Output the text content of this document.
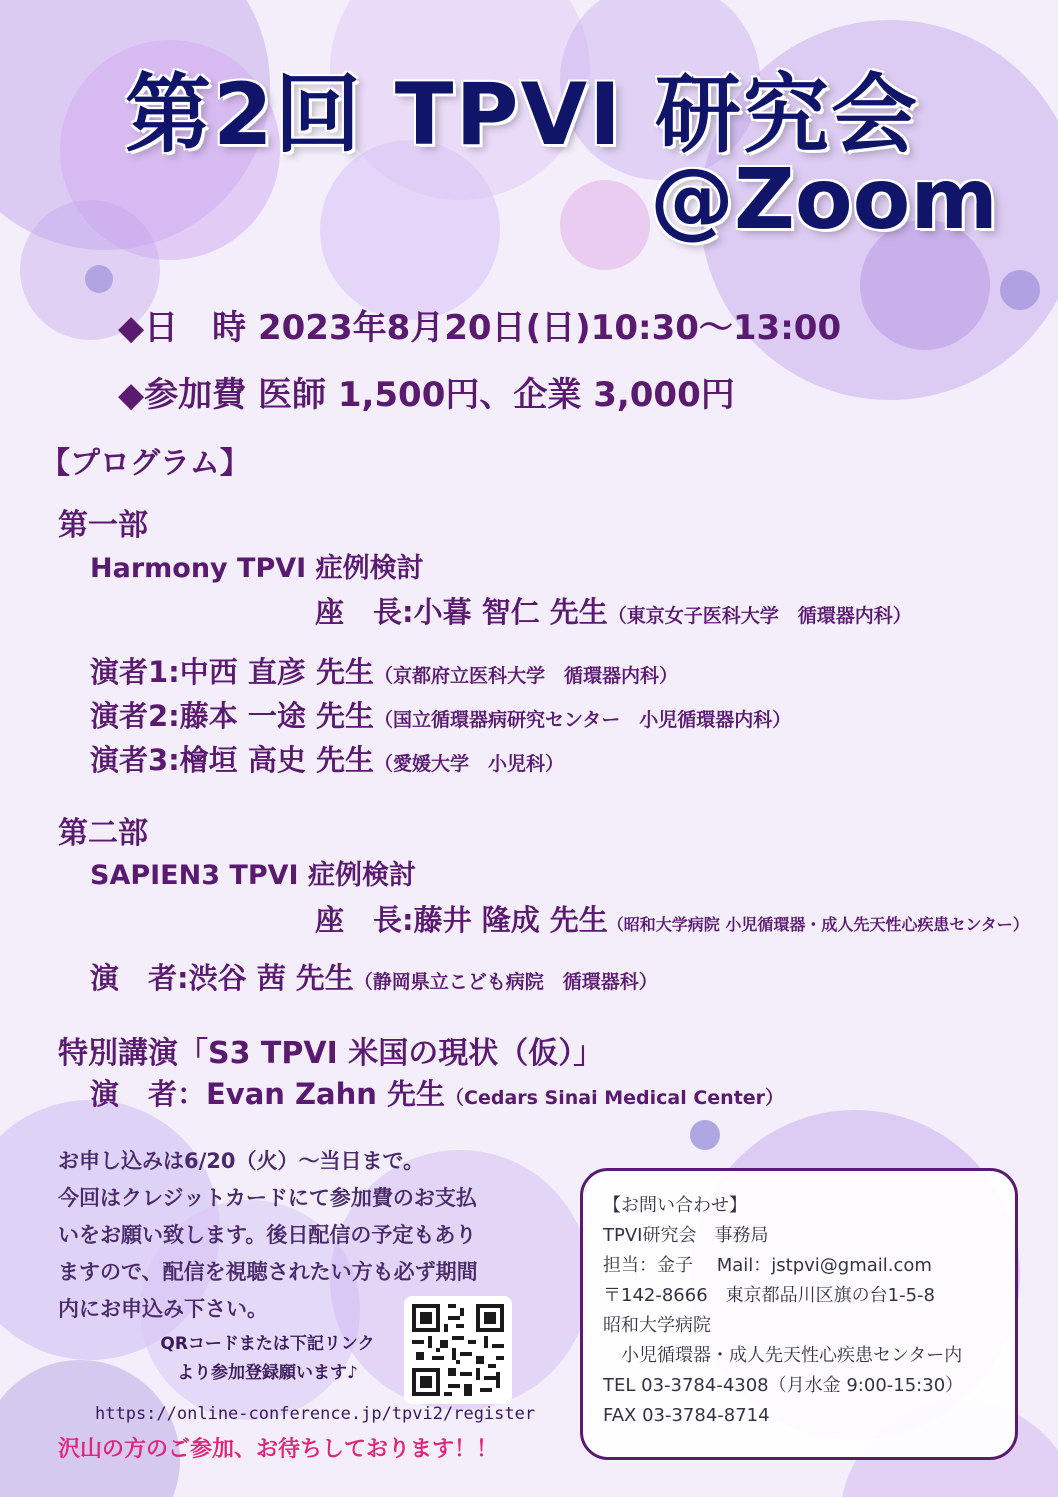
第2回 TPVI 研究会
@Zoom
◆日　時 2023年8月20日(日)10:30〜13:00
◆参加費 医師 1,500円、企業 3,000円
【プログラム】
第一部
Harmony TPVI 症例検討
座　長:小暮 智仁 先生（東京女子医科大学　循環器内科）
演者1:中西 直彦 先生（京都府立医科大学　循環器内科）
演者2:藤本 一途 先生（国立循環器病研究センター　小児循環器内科）
演者3:檜垣 高史 先生（愛媛大学　小児科）
第二部
SAPIEN3 TPVI 症例検討
座　長:藤井 隆成 先生（昭和大学病院 小児循環器・成人先天性心疾患センター）
演　者:渋谷 茜 先生（静岡県立こども病院　循環器科）
特別講演「S3 TPVI 米国の現状（仮）」
演　者：Evan Zahn 先生（Cedars Sinai Medical Center）
お申し込みは6/20（火）〜当日まで。
今回はクレジットカードにて参加費のお支払
いをお願い致します。後日配信の予定もあり
ますので、配信を視聴されたい方も必ず期間
内にお申込み下さい。
QRコードまたは下記リンク
より参加登録願います♪
https://online-conference.jp/tpvi2/register
沢山の方のご参加、お待ちしております！！
【お問い合わせ】
TPVI研究会　事務局
担当：金子　 Mail：jstpvi@gmail.com
〒142-8666　東京都品川区旗の台1-5-8
昭和大学病院
　小児循環器・成人先天性心疾患センター内
TEL 03-3784-4308（月水金 9:00-15:30）
FAX 03-3784-8714
